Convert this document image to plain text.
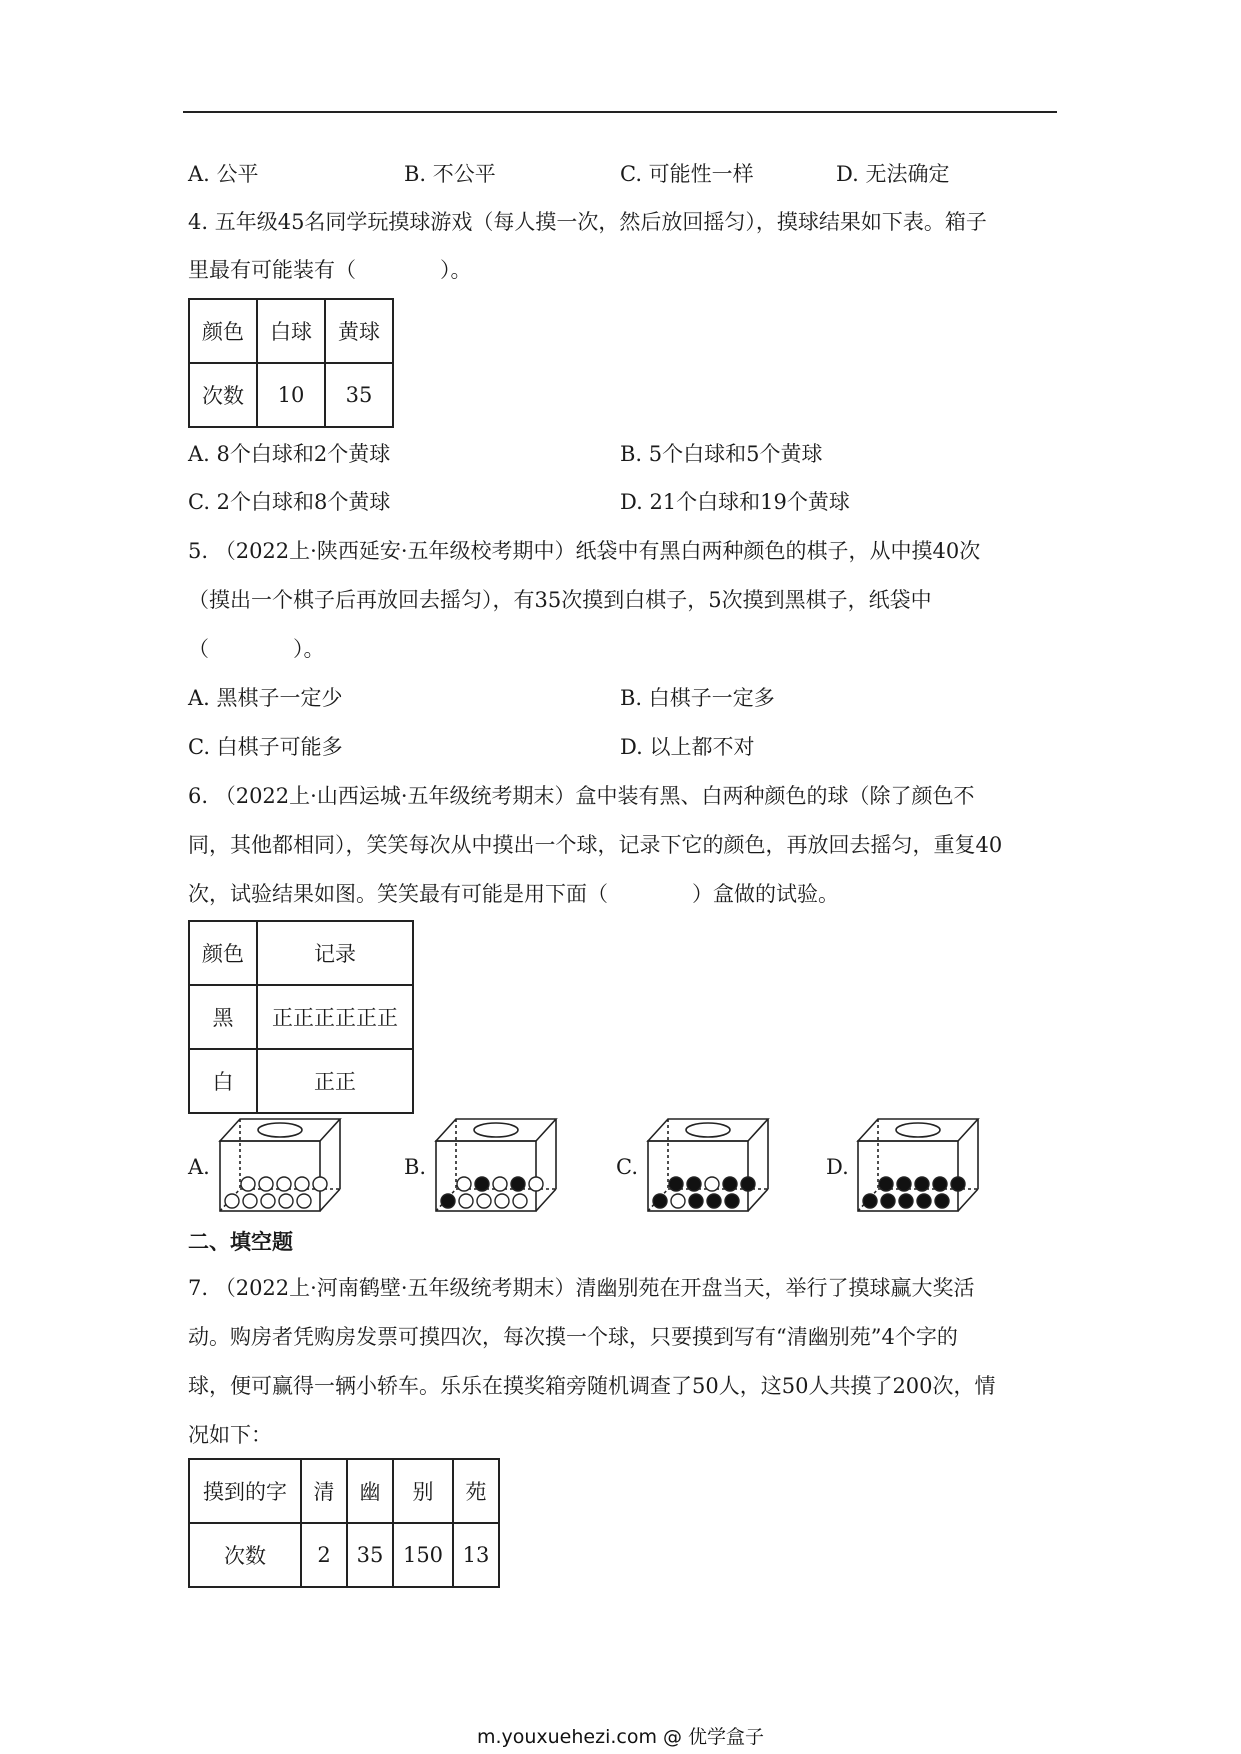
A. 公平	B. 不公平	C. 可能性一样	D. 无法确定
4. 五年级45名同学玩摸球游戏（每人摸一次，然后放回摇匀），摸球结果如下表。箱子
里最有可能装有（　　　　）。
颜色	白球	黄球
次数	10	35
A. 8个白球和2个黄球	B. 5个白球和5个黄球
C. 2个白球和8个黄球	D. 21个白球和19个黄球
5. （2022上·陕西延安·五年级校考期中）纸袋中有黑白两种颜色的棋子，从中摸40次
（摸出一个棋子后再放回去摇匀），有35次摸到白棋子，5次摸到黑棋子，纸袋中
（　　　　）。
A. 黑棋子一定少	B. 白棋子一定多
C. 白棋子可能多	D. 以上都不对
6. （2022上·山西运城·五年级统考期末）盒中装有黑、白两种颜色的球（除了颜色不
同，其他都相同），笑笑每次从中摸出一个球，记录下它的颜色，再放回去摇匀，重复40
次，试验结果如图。笑笑最有可能是用下面（　　　　）盒做的试验。
颜色	记录
黑	正正正正正正
白	正正
A.	B.	C.	D.
二、填空题
7. （2022上·河南鹤壁·五年级统考期末）清幽别苑在开盘当天，举行了摸球赢大奖活
动。购房者凭购房发票可摸四次，每次摸一个球，只要摸到写有“清幽别苑”4个字的
球，便可赢得一辆小轿车。乐乐在摸奖箱旁随机调查了50人，这50人共摸了200次，情
况如下：
摸到的字	清	幽	别	苑
次数	2	35	150	13
m.youxuehezi.com @ 优学盒子
